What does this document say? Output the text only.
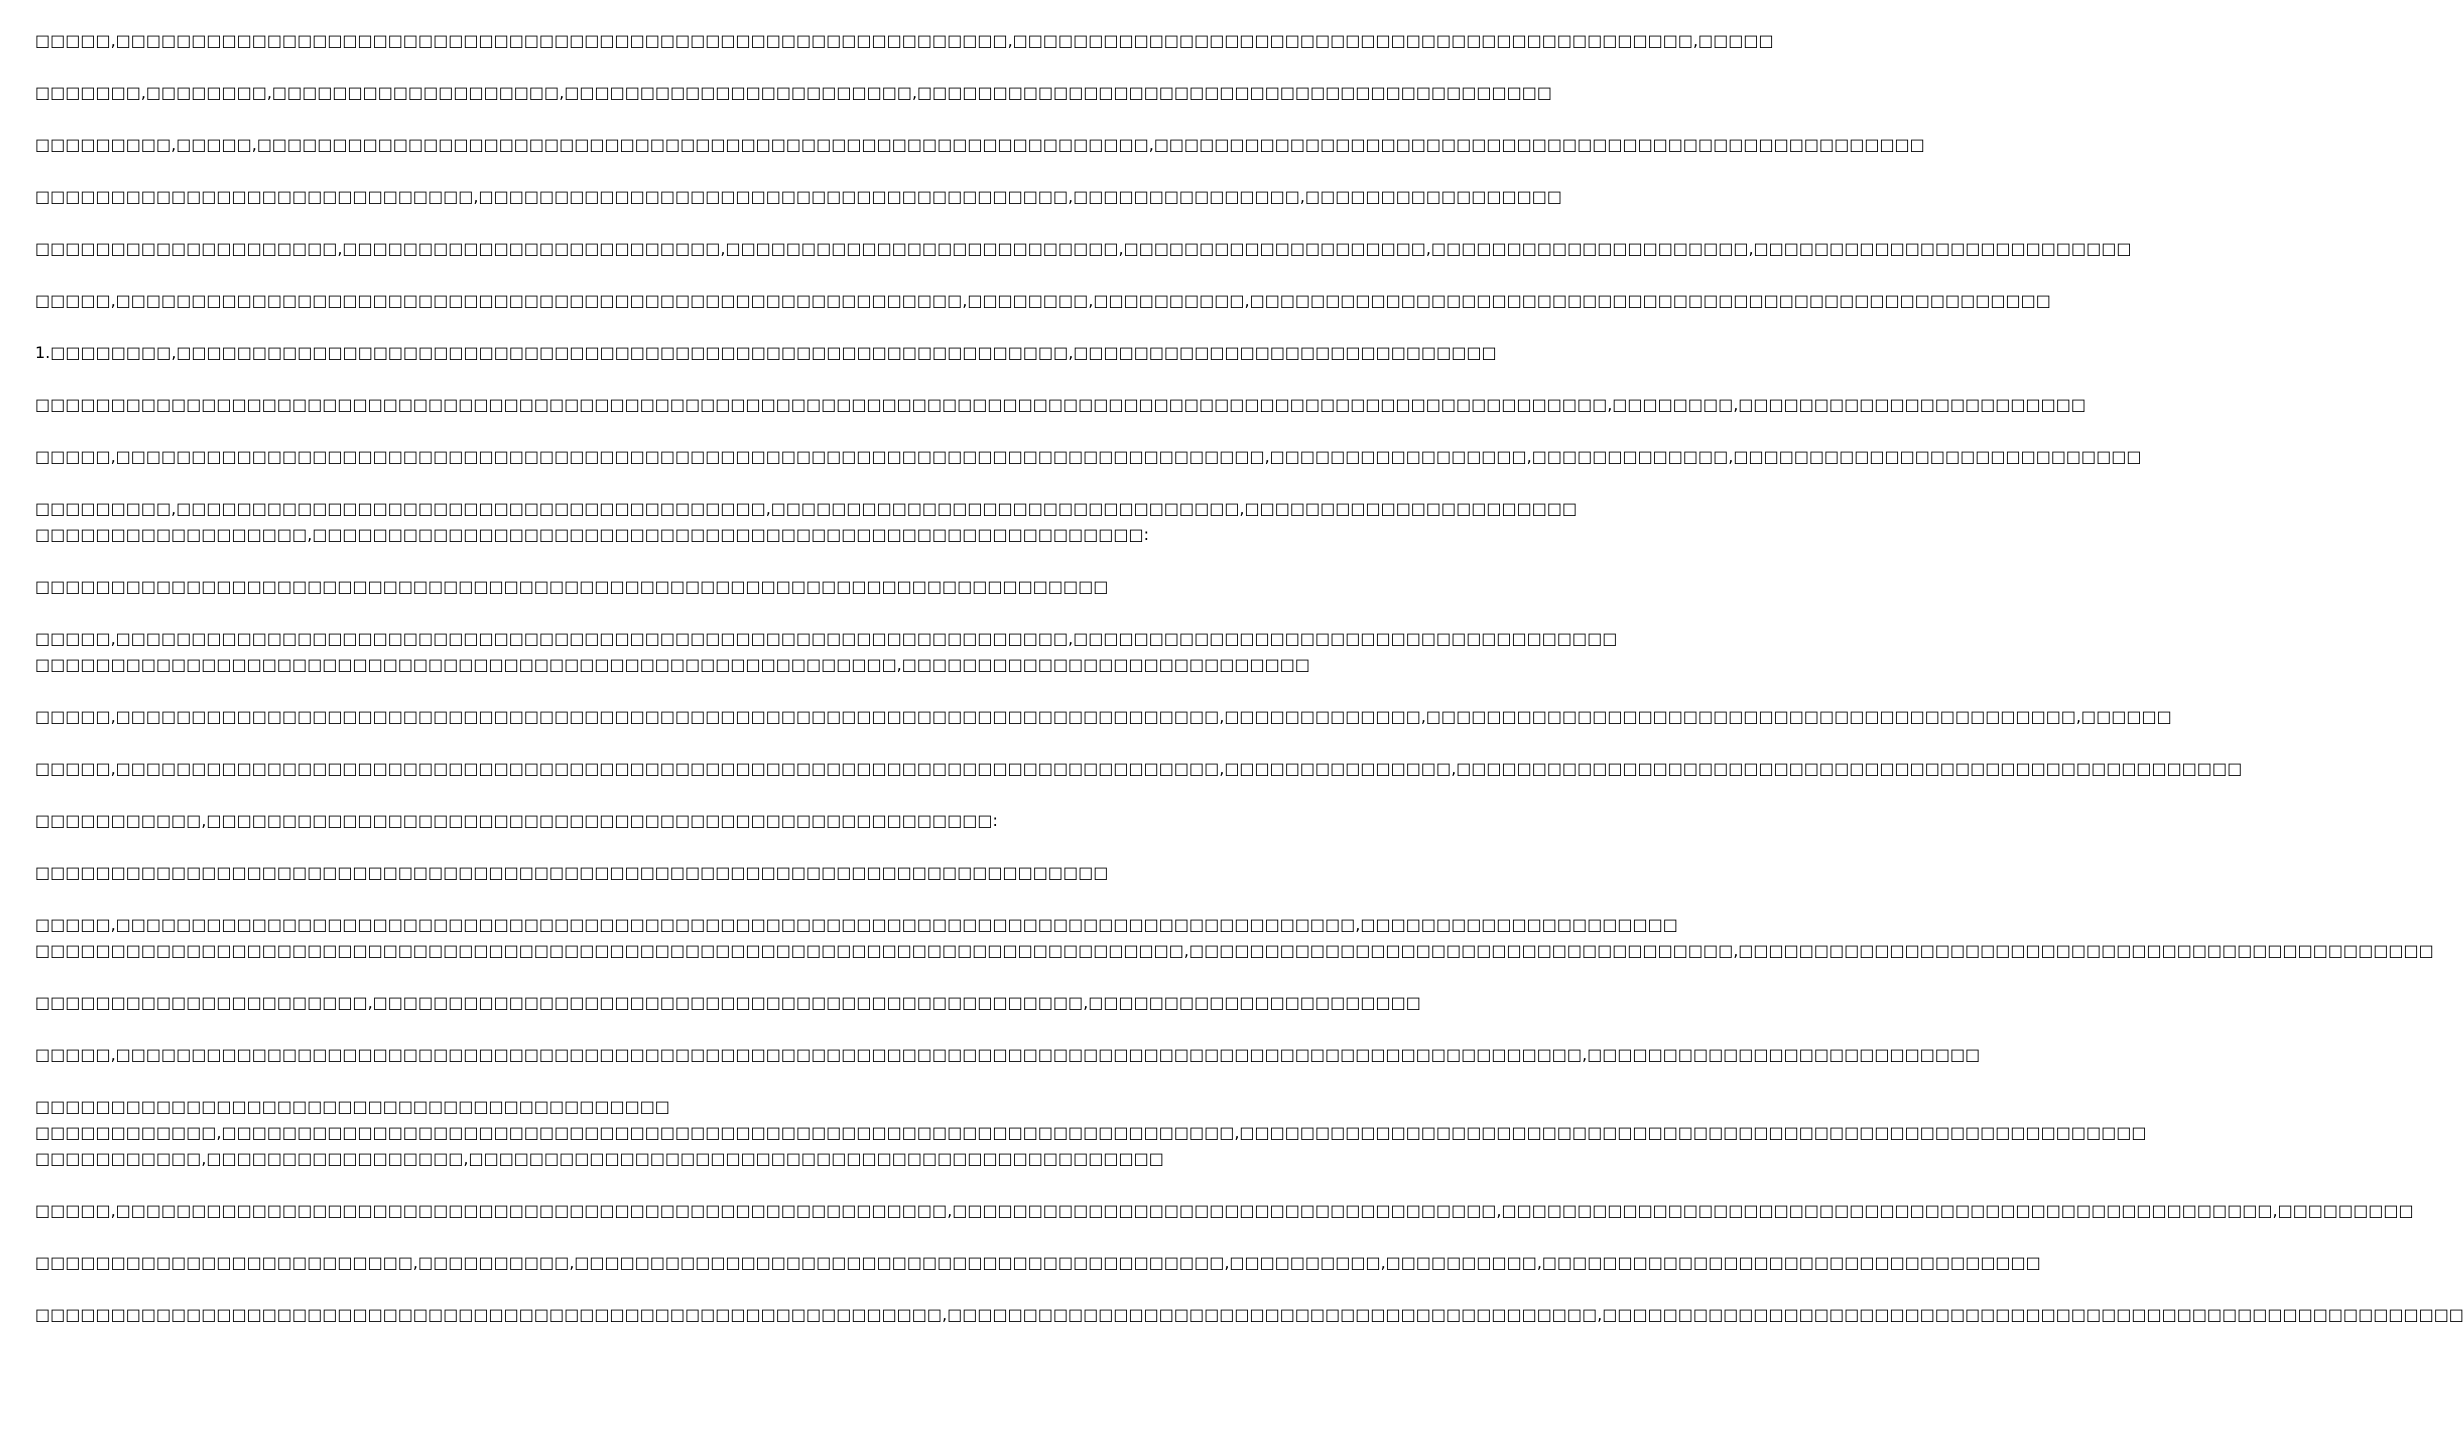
□□□□□,□□□□□□□□□□□□□□□□□□□□□□□□□□□□□□□□□□□□□□□□□□□□□□□□□□□□□□□□□□□,□□□□□□□□□□□□□□□□□□□□□□□□□□□□□□□□□□□□□□□□□□□□□,□□□□□

□□□□□□□,□□□□□□□□,□□□□□□□□□□□□□□□□□□□,□□□□□□□□□□□□□□□□□□□□□□□,□□□□□□□□□□□□□□□□□□□□□□□□□□□□□□□□□□□□□□□□□□

□□□□□□□□□,□□□□□,□□□□□□□□□□□□□□□□□□□□□□□□□□□□□□□□□□□□□□□□□□□□□□□□□□□□□□□□□□□,□□□□□□□□□□□□□□□□□□□□□□□□□□□□□□□□□□□□□□□□□□□□□□□□□□□

□□□□□□□□□□□□□□□□□□□□□□□□□□□□□,□□□□□□□□□□□□□□□□□□□□□□□□□□□□□□□□□□□□□□□,□□□□□□□□□□□□□□□,□□□□□□□□□□□□□□□□□

□□□□□□□□□□□□□□□□□□□□,□□□□□□□□□□□□□□□□□□□□□□□□□,□□□□□□□□□□□□□□□□□□□□□□□□□□,□□□□□□□□□□□□□□□□□□□□,□□□□□□□□□□□□□□□□□□□□□,□□□□□□□□□□□□□□□□□□□□□□□□□

□□□□□,□□□□□□□□□□□□□□□□□□□□□□□□□□□□□□□□□□□□□□□□□□□□□□□□□□□□□□□□,□□□□□□□□,□□□□□□□□□□,□□□□□□□□□□□□□□□□□□□□□□□□□□□□□□□□□□□□□□□□□□□□□□□□□□□□□

1.□□□□□□□□,□□□□□□□□□□□□□□□□□□□□□□□□□□□□□□□□□□□□□□□□□□□□□□□□□□□□□□□□□□□,□□□□□□□□□□□□□□□□□□□□□□□□□□□□

□□□□□□□□□□□□□□□□□□□□□□□□□□□□□□□□□□□□□□□□□□□□□□□□□□□□□□□□□□□□□□□□□□□□□□□□□□□□□□□□□□□□□□□□□□□□□□□□□□□□□□□□,□□□□□□□□,□□□□□□□□□□□□□□□□□□□□□□□

□□□□□,□□□□□□□□□□□□□□□□□□□□□□□□□□□□□□□□□□□□□□□□□□□□□□□□□□□□□□□□□□□□□□□□□□□□□□□□□□□□,□□□□□□□□□□□□□□□□□,□□□□□□□□□□□□□,□□□□□□□□□□□□□□□□□□□□□□□□□□□

□□□□□□□□□,□□□□□□□□□□□□□□□□□□□□□□□□□□□□□□□□□□□□□□□,□□□□□□□□□□□□□□□□□□□□□□□□□□□□□□□,□□□□□□□□□□□□□□□□□□□□□□
□□□□□□□□□□□□□□□□□□,□□□□□□□□□□□□□□□□□□□□□□□□□□□□□□□□□□□□□□□□□□□□□□□□□□□□□□□:

□□□□□□□□□□□□□□□□□□□□□□□□□□□□□□□□□□□□□□□□□□□□□□□□□□□□□□□□□□□□□□□□□□□□□□□

□□□□□,□□□□□□□□□□□□□□□□□□□□□□□□□□□□□□□□□□□□□□□□□□□□□□□□□□□□□□□□□□□□□□□,□□□□□□□□□□□□□□□□□□□□□□□□□□□□□□□□□□□□
□□□□□□□□□□□□□□□□□□□□□□□□□□□□□□□□□□□□□□□□□□□□□□□□□□□□□□□□□,□□□□□□□□□□□□□□□□□□□□□□□□□□□

□□□□□,□□□□□□□□□□□□□□□□□□□□□□□□□□□□□□□□□□□□□□□□□□□□□□□□□□□□□□□□□□□□□□□□□□□□□□□□□,□□□□□□□□□□□□□,□□□□□□□□□□□□□□□□□□□□□□□□□□□□□□□□□□□□□□□□□□□,□□□□□□

□□□□□,□□□□□□□□□□□□□□□□□□□□□□□□□□□□□□□□□□□□□□□□□□□□□□□□□□□□□□□□□□□□□□□□□□□□□□□□□,□□□□□□□□□□□□□□□,□□□□□□□□□□□□□□□□□□□□□□□□□□□□□□□□□□□□□□□□□□□□□□□□□□□□

□□□□□□□□□□□,□□□□□□□□□□□□□□□□□□□□□□□□□□□□□□□□□□□□□□□□□□□□□□□□□□□□:

□□□□□□□□□□□□□□□□□□□□□□□□□□□□□□□□□□□□□□□□□□□□□□□□□□□□□□□□□□□□□□□□□□□□□□□

□□□□□,□□□□□□□□□□□□□□□□□□□□□□□□□□□□□□□□□□□□□□□□□□□□□□□□□□□□□□□□□□□□□□□□□□□□□□□□□□□□□□□□□□,□□□□□□□□□□□□□□□□□□□□□
□□□□□□□□□□□□□□□□□□□□□□□□□□□□□□□□□□□□□□□□□□□□□□□□□□□□□□□□□□□□□□□□□□□□□□□□□□□□,□□□□□□□□□□□□□□□□□□□□□□□□□□□□□□□□□□□□,□□□□□□□□□□□□□□□□□□□□□□□□□□□□□□□□□□□□□□□□□□□□□□

□□□□□□□□□□□□□□□□□□□□□□,□□□□□□□□□□□□□□□□□□□□□□□□□□□□□□□□□□□□□□□□□□□□□□□,□□□□□□□□□□□□□□□□□□□□□□

□□□□□,□□□□□□□□□□□□□□□□□□□□□□□□□□□□□□□□□□□□□□□□□□□□□□□□□□□□□□□□□□□□□□□□□□□□□□□□□□□□□□□□□□□□□□□□□□□□□□□□□,□□□□□□□□□□□□□□□□□□□□□□□□□□

□□□□□□□□□□□□□□□□□□□□□□□□□□□□□□□□□□□□□□□□□□
□□□□□□□□□□□□,□□□□□□□□□□□□□□□□□□□□□□□□□□□□□□□□□□□□□□□□□□□□□□□□□□□□□□□□□□□□□□□□□□□,□□□□□□□□□□□□□□□□□□□□□□□□□□□□□□□□□□□□□□□□□□□□□□□□□□□□□□□□□□□□
□□□□□□□□□□□,□□□□□□□□□□□□□□□□□,□□□□□□□□□□□□□□□□□□□□□□□□□□□□□□□□□□□□□□□□□□□□□□

□□□□□,□□□□□□□□□□□□□□□□□□□□□□□□□□□□□□□□□□□□□□□□□□□□□□□□□□□□□□□,□□□□□□□□□□□□□□□□□□□□□□□□□□□□□□□□□□□□,□□□□□□□□□□□□□□□□□□□□□□□□□□□□□□□□□□□□□□□□□□□□□□□□□□□,□□□□□□□□□

□□□□□□□□□□□□□□□□□□□□□□□□□,□□□□□□□□□□,□□□□□□□□□□□□□□□□□□□□□□□□□□□□□□□□□□□□□□□□□□□,□□□□□□□□□□,□□□□□□□□□□,□□□□□□□□□□□□□□□□□□□□□□□□□□□□□□□□□

□□□□□□□□□□□□□□□□□□□□□□□□□□□□□□□□□□□□□□□□□□□□□□□□□□□□□□□□□□□□,□□□□□□□□□□□□□□□□□□□□□□□□□□□□□□□□□□□□□□□□□□□,□□□□□□□□□□□□□□□□□□□□□□□□□□□□□□□□□□□□□□□□□□□□□□□□□□□□□□□□□
